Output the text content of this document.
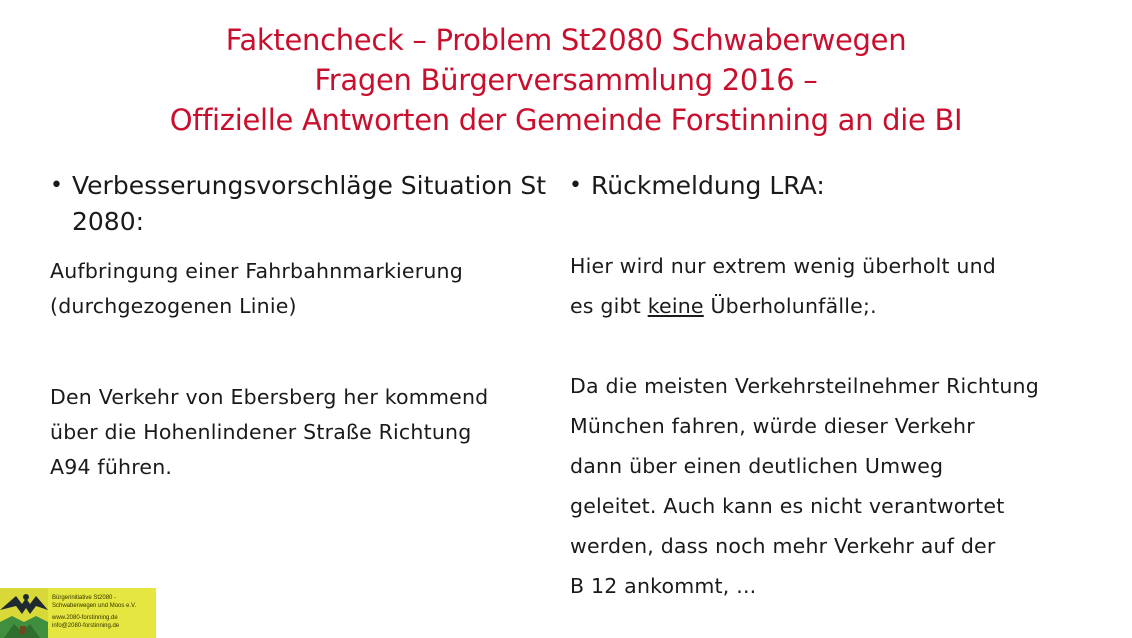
Faktencheck – Problem St2080 Schwaberwegen
Fragen Bürgerversammlung 2016 –
Offizielle Antworten der Gemeinde Forstinning an die BI
• Verbesserungsvorschläge Situation St 2080:
Aufbringung einer Fahrbahnmarkierung
(durchgezogenen Linie)
Den Verkehr von Ebersberg her kommend
über die Hohenlindener Straße Richtung
A94 führen.
• Rückmeldung LRA:
Hier wird nur extrem wenig überholt und
es gibt keine Überholunfälle;.
Da die meisten Verkehrsteilnehmer Richtung
München fahren, würde dieser Verkehr
dann über einen deutlichen Umweg
geleitet. Auch kann es nicht verantwortet
werden, dass noch mehr Verkehr auf der
B 12 ankommt, ...
Bürgerinitiative St2080 -
Schwaberwegen und Moos e.V.
www.2080-forstinning.de
info@2080-forstinning.de
